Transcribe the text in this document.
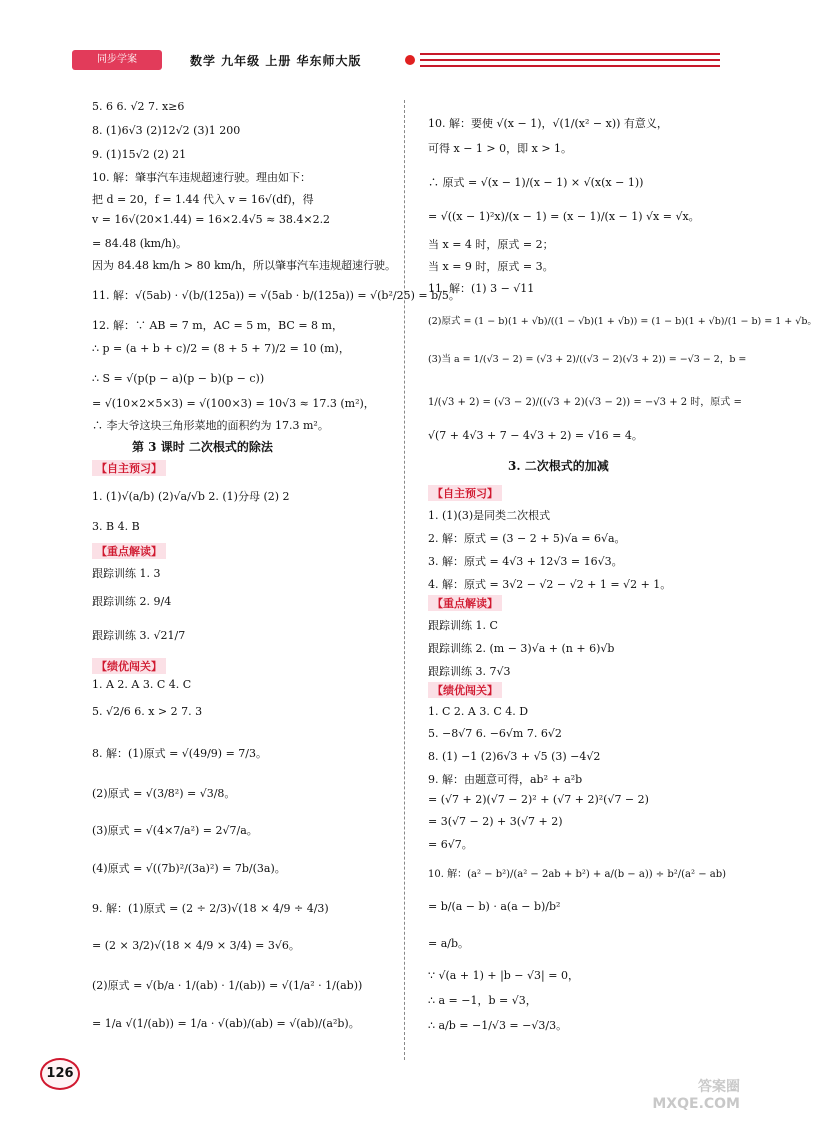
同步学案	数学 九年级 上册 华东师大版
5. 6 6. √2 7. x≥6
8. (1)6√3 (2)12√2 (3)1 200
9. (1)15√2 (2) 21
10. 解：肇事汽车违规超速行驶。理由如下：
把 d = 20，f = 1.44 代入 v = 16√(df)，得
v = 16√(20×1.44) = 16×2.4√5 ≈ 38.4×2.2
= 84.48 (km/h)。
因为 84.48 km/h > 80 km/h，所以肇事汽车违规超速行驶。
11. 解：√(5ab) · √(b/(125a)) = √(5ab · b/(125a)) = √(b²/25) = b/5。
12. 解：∵ AB = 7 m，AC = 5 m，BC = 8 m，
∴ p = (a + b + c)/2 = (8 + 5 + 7)/2 = 10 (m)，
∴ S = √(p(p − a)(p − b)(p − c))
= √(10×2×5×3) = √(100×3) = 10√3 ≈ 17.3 (m²)，
∴ 李大爷这块三角形菜地的面积约为 17.3 m²。
第 3 课时 二次根式的除法
【自主预习】
1. (1)√(a/b) (2)√a/√b 2. (1)分母 (2) 2
3. B 4. B
【重点解读】
跟踪训练 1. 3
跟踪训练 2. 9/4
跟踪训练 3. √21/7
【绩优闯关】
1. A 2. A 3. C 4. C
5. √2/6 6. x > 2 7. 3
8. 解：(1)原式 = √(49/9) = 7/3。
(2)原式 = √(3/8²) = √3/8。
(3)原式 = √(4×7/a²) = 2√7/a。
(4)原式 = √((7b)²/(3a)²) = 7b/(3a)。
9. 解：(1)原式 = (2 ÷ 2/3)√(18 × 4/9 ÷ 4/3)
= (2 × 3/2)√(18 × 4/9 × 3/4) = 3√6。
(2)原式 = √(b/a · 1/(ab) · 1/(ab)) = √(1/a² · 1/(ab))
= 1/a √(1/(ab)) = 1/a · √(ab)/(ab) = √(ab)/(a²b)。
10. 解：要使 √(x − 1)，√(1/(x² − x)) 有意义，
可得 x − 1 > 0，即 x > 1。
∴ 原式 = √(x − 1)/(x − 1) × √(x(x − 1))
= √((x − 1)²x)/(x − 1) = (x − 1)/(x − 1) √x = √x。
当 x = 4 时，原式 = 2；
当 x = 9 时，原式 = 3。
11. 解：(1) 3 − √11
(2)原式 = (1 − b)(1 + √b)/((1 − √b)(1 + √b)) = (1 − b)(1 + √b)/(1 − b) = 1 + √b。
(3)当 a = 1/(√3 − 2) = (√3 + 2)/((√3 − 2)(√3 + 2)) = −√3 − 2，b =
1/(√3 + 2) = (√3 − 2)/((√3 + 2)(√3 − 2)) = −√3 + 2 时，原式 =
√(7 + 4√3 + 7 − 4√3 + 2) = √16 = 4。
3. 二次根式的加减
【自主预习】
1. (1)(3)是同类二次根式
2. 解：原式 = (3 − 2 + 5)√a = 6√a。
3. 解：原式 = 4√3 + 12√3 = 16√3。
4. 解：原式 = 3√2 − √2 − √2 + 1 = √2 + 1。
【重点解读】
跟踪训练 1. C
跟踪训练 2. (m − 3)√a + (n + 6)√b
跟踪训练 3. 7√3
【绩优闯关】
1. C 2. A 3. C 4. D
5. −8√7 6. −6√m 7. 6√2
8. (1) −1 (2)6√3 + √5 (3) −4√2
9. 解：由题意可得，ab² + a²b
= (√7 + 2)(√7 − 2)² + (√7 + 2)²(√7 − 2)
= 3(√7 − 2) + 3(√7 + 2)
= 6√7。
10. 解：(a² − b²)/(a² − 2ab + b²) + a/(b − a)) ÷ b²/(a² − ab)
= b/(a − b) · a(a − b)/b²
= a/b。
∵ √(a + 1) + |b − √3| = 0，
∴ a = −1，b = √3，
∴ a/b = −1/√3 = −√3/3。
126
答案圈 MXQE.COM
